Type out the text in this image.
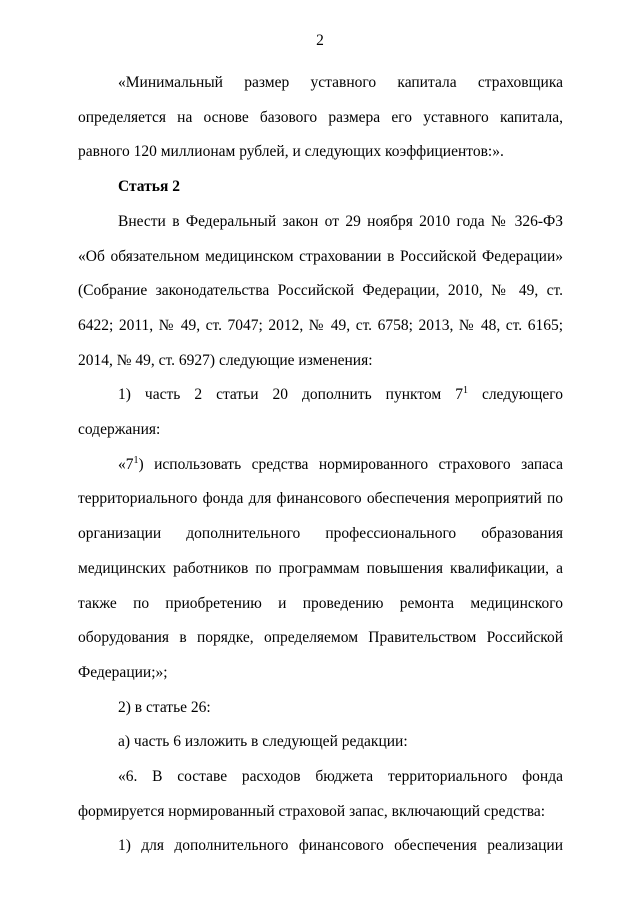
2

«Минимальный размер уставного капитала страховщика определяется на основе базового размера его уставного капитала, равного 120 миллионам рублей, и следующих коэффициентов:».

Статья 2

Внести в Федеральный закон от 29 ноября 2010 года № 326-ФЗ «Об обязательном медицинском страховании в Российской Федерации» (Собрание законодательства Российской Федерации, 2010, № 49, ст. 6422; 2011, № 49, ст. 7047; 2012, № 49, ст. 6758; 2013, № 48, ст. 6165; 2014, № 49, ст. 6927) следующие изменения:

1) часть 2 статьи 20 дополнить пунктом $7^1$ следующего содержания:

«$7^1$) использовать средства нормированного страхового запаса территориального фонда для финансового обеспечения мероприятий по организации дополнительного профессионального образования медицинских работников по программам повышения квалификации, а также по приобретению и проведению ремонта медицинского оборудования в порядке, определяемом Правительством Российской Федерации;»;

2) в статье 26:

а) часть 6 изложить в следующей редакции:

«6. В составе расходов бюджета территориального фонда формируется нормированный страховой запас, включающий средства:

1) для дополнительного финансового обеспечения реализации
